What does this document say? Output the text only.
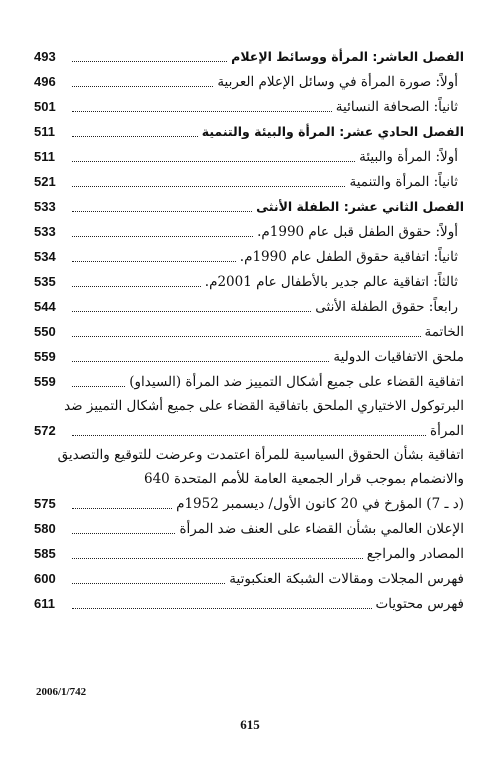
493	الفصل العاشر: المرأة ووسائط الإعلام
496	أولاً: صورة المرأة في وسائل الإعلام العربية
501	ثانياً: الصحافة النسائية
511	الفصل الحادي عشر: المرأة والبيئة والتنمية
511	أولاً: المرأة والبيئة
521	ثانياً: المرأة والتنمية
533	الفصل الثاني عشر: الطفلة الأنثى
533	أولاً: حقوق الطفل قبل عام 1990م.
534	ثانياً: اتفاقية حقوق الطفل عام 1990م.
535	ثالثاً: اتفاقية عالم جدير بالأطفال عام 2001م.
544	رابعاً: حقوق الطفلة الأنثى
550	الخاتمة
559	ملحق الاتفاقيات الدولية
559	اتفاقية القضاء على جميع أشكال التمييز ضد المرأة (السيداو)
البرتوكول الاختياري الملحق باتفاقية القضاء على جميع أشكال التمييز ضد
572	المرأة
اتفاقية بشأن الحقوق السياسية للمرأة اعتمدت وعرضت للتوقيع والتصديق
والانضمام بموجب قرار الجمعية العامة للأمم المتحدة 640
575	(د ـ 7) المؤرخ في 20 كانون الأول/ ديسمبر 1952م
580	الإعلان العالمي بشأن القضاء على العنف ضد المرأة
585	المصادر والمراجع
600	فهرس المجلات ومقالات الشبكة العنكبوتية
611	فهرس محتويات
2006/1/742
615
